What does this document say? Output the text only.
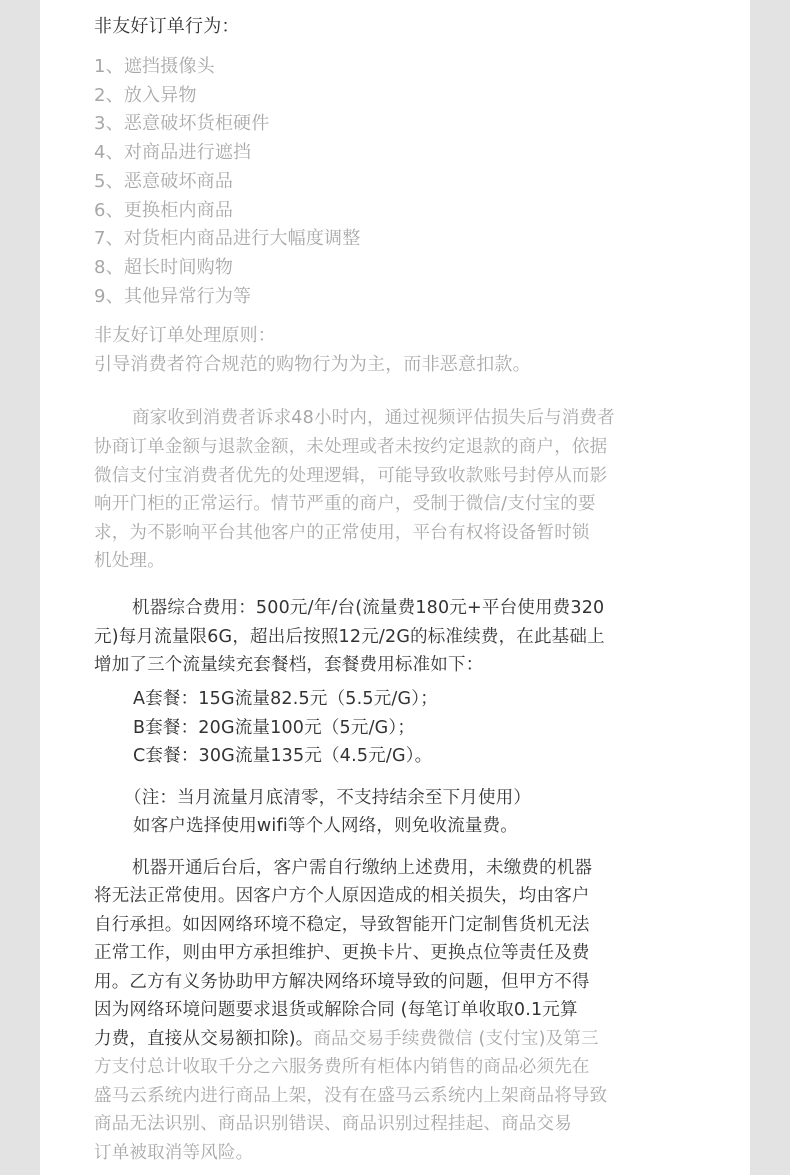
非友好订单行为：
1、遮挡摄像头
2、放入异物
3、恶意破坏货柜硬件
4、对商品进行遮挡
5、恶意破坏商品
6、更换柜内商品
7、对货柜内商品进行大幅度调整
8、超长时间购物
9、其他异常行为等
非友好订单处理原则：
引导消费者符合规范的购物行为为主，而非恶意扣款。
商家收到消费者诉求48小时内，通过视频评估损失后与消费者
协商订单金额与退款金额，未处理或者未按约定退款的商户，依据
微信支付宝消费者优先的处理逻辑，可能导致收款账号封停从而影
响开门柜的正常运行。情节严重的商户，受制于微信/支付宝的要
求，为不影响平台其他客户的正常使用，平台有权将设备暂时锁
机处理。
机器综合费用：500元/年/台(流量费180元+平台使用费320
元)每月流量限6G，超出后按照12元/2G的标准续费，在此基础上
增加了三个流量续充套餐档，套餐费用标准如下：
A套餐：15G流量82.5元（5.5元/G）；
B套餐：20G流量100元（5元/G）；
C套餐：30G流量135元（4.5元/G）。
（注：当月流量月底清零，不支持结余至下月使用）
如客户选择使用wifi等个人网络，则免收流量费。
机器开通后台后，客户需自行缴纳上述费用，未缴费的机器
将无法正常使用。因客户方个人原因造成的相关损失，均由客户
自行承担。如因网络环境不稳定，导致智能开门定制售货机无法
正常工作，则由甲方承担维护、更换卡片、更换点位等责任及费
用。乙方有义务协助甲方解决网络环境导致的问题，但甲方不得
因为网络环境问题要求退货或解除合同 (每笔订单收取0.1元算
力费，直接从交易额扣除)。商品交易手续费微信 (支付宝)及第三
方支付总计收取千分之六服务费所有柜体内销售的商品必须先在
盛马云系统内进行商品上架，没有在盛马云系统内上架商品将导致
商品无法识别、商品识别错误、商品识别过程挂起、商品交易
订单被取消等风险。
